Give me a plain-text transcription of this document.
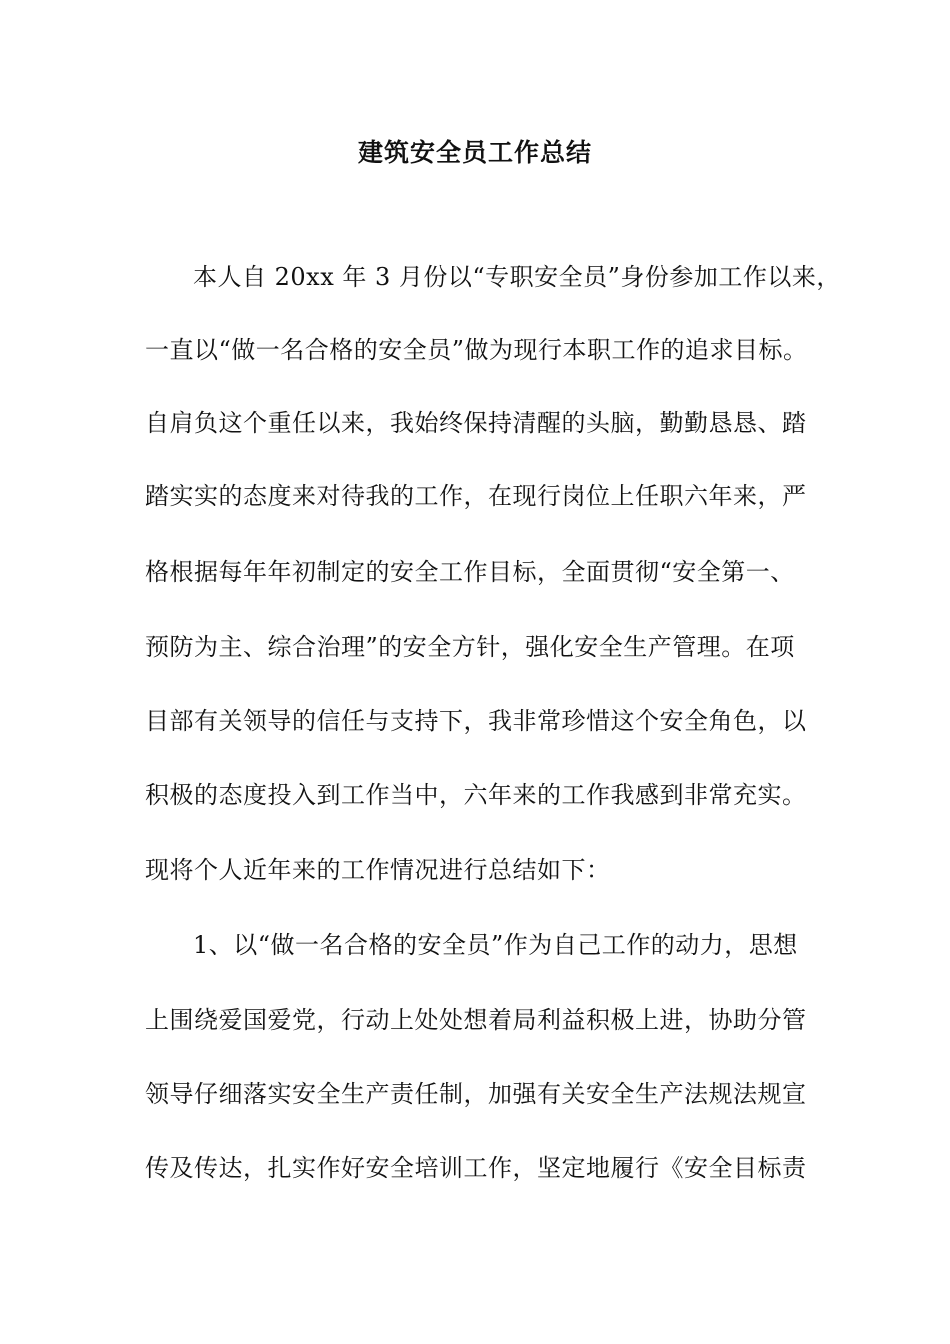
建筑安全员工作总结
本人自 20xx 年 3 月份以“专职安全员”身份参加工作以来，
一直以“做一名合格的安全员”做为现行本职工作的追求目标。
自肩负这个重任以来，我始终保持清醒的头脑，勤勤恳恳、踏
踏实实的态度来对待我的工作，在现行岗位上任职六年来，严
格根据每年年初制定的安全工作目标，全面贯彻“安全第一、
预防为主、综合治理”的安全方针，强化安全生产管理。在项
目部有关领导的信任与支持下，我非常珍惜这个安全角色，以
积极的态度投入到工作当中，六年来的工作我感到非常充实。
现将个人近年来的工作情况进行总结如下：
1、以“做一名合格的安全员”作为自己工作的动力，思想
上围绕爱国爱党，行动上处处想着局利益积极上进，协助分管
领导仔细落实安全生产责任制，加强有关安全生产法规法规宣
传及传达，扎实作好安全培训工作，坚定地履行《安全目标责
